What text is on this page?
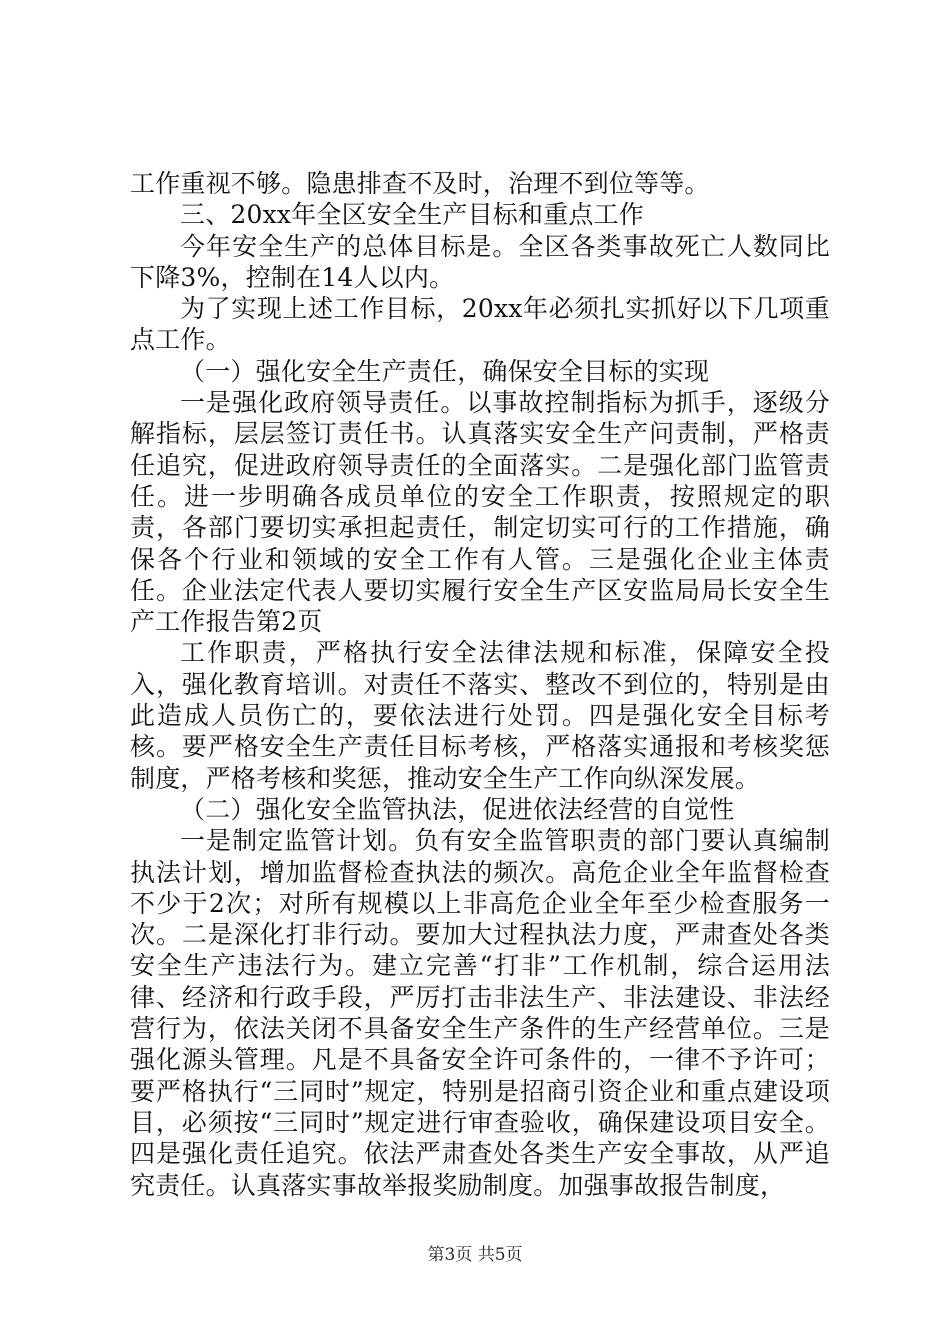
工作重视不够。隐患排查不及时，治理不到位等等。

三、20xx年全区安全生产目标和重点工作

今年安全生产的总体目标是。全区各类事故死亡人数同比下降3%，控制在14人以内。

为了实现上述工作目标，20xx年必须扎实抓好以下几项重点工作。

（一）强化安全生产责任，确保安全目标的实现

一是强化政府领导责任。以事故控制指标为抓手，逐级分解指标，层层签订责任书。认真落实安全生产问责制，严格责任追究，促进政府领导责任的全面落实。二是强化部门监管责任。进一步明确各成员单位的安全工作职责，按照规定的职责，各部门要切实承担起责任，制定切实可行的工作措施，确保各个行业和领域的安全工作有人管。三是强化企业主体责任。企业法定代表人要切实履行安全生产区安监局局长安全生产工作报告第2页

工作职责，严格执行安全法律法规和标准，保障安全投入，强化教育培训。对责任不落实、整改不到位的，特别是由此造成人员伤亡的，要依法进行处罚。四是强化安全目标考核。要严格安全生产责任目标考核，严格落实通报和考核奖惩制度，严格考核和奖惩，推动安全生产工作向纵深发展。

（二）强化安全监管执法，促进依法经营的自觉性

一是制定监管计划。负有安全监管职责的部门要认真编制执法计划，增加监督检查执法的频次。高危企业全年监督检查不少于2次；对所有规模以上非高危企业全年至少检查服务一次。二是深化打非行动。要加大过程执法力度，严肃查处各类安全生产违法行为。建立完善“打非”工作机制，综合运用法律、经济和行政手段，严厉打击非法生产、非法建设、非法经营行为，依法关闭不具备安全生产条件的生产经营单位。三是强化源头管理。凡是不具备安全许可条件的，一律不予许可；要严格执行“三同时”规定，特别是招商引资企业和重点建设项目，必须按“三同时”规定进行审查验收，确保建设项目安全。四是强化责任追究。依法严肃查处各类生产安全事故，从严追究责任。认真落实事故举报奖励制度。加强事故报告制度，

第3页 共5页
